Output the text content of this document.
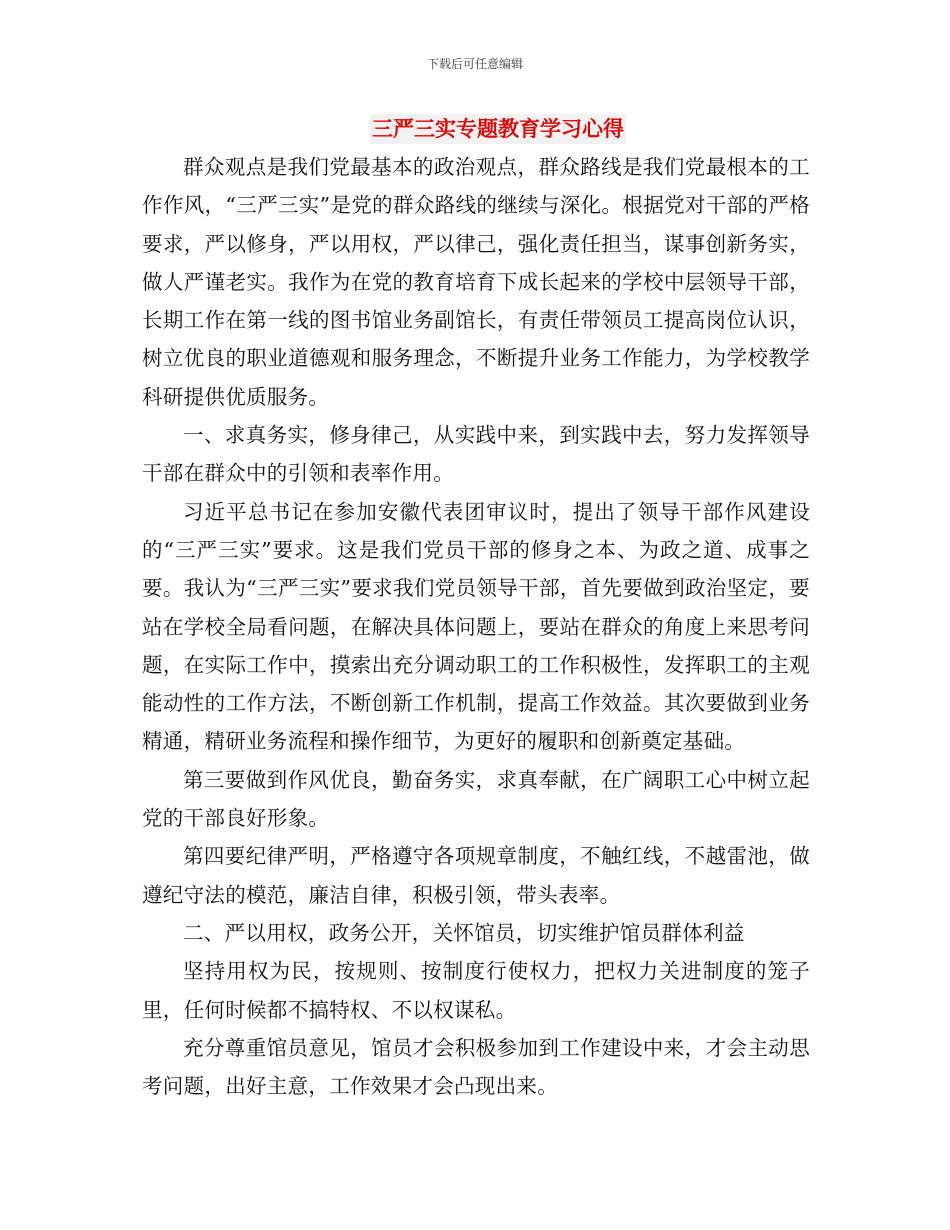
下载后可任意编辑
三严三实专题教育学习心得

群众观点是我们党最基本的政治观点，群众路线是我们党最根本的工作作风，“三严三实”是党的群众路线的继续与深化。根据党对干部的严格要求，严以修身，严以用权，严以律己，强化责任担当，谋事创新务实，做人严谨老实。我作为在党的教育培育下成长起来的学校中层领导干部，长期工作在第一线的图书馆业务副馆长，有责任带领员工提高岗位认识，树立优良的职业道德观和服务理念，不断提升业务工作能力，为学校教学科研提供优质服务。

一、求真务实，修身律己，从实践中来，到实践中去，努力发挥领导干部在群众中的引领和表率作用。

习近平总书记在参加安徽代表团审议时，提出了领导干部作风建设的“三严三实”要求。这是我们党员干部的修身之本、为政之道、成事之要。我认为“三严三实”要求我们党员领导干部，首先要做到政治坚定，要站在学校全局看问题，在解决具体问题上，要站在群众的角度上来思考问题，在实际工作中，摸索出充分调动职工的工作积极性，发挥职工的主观能动性的工作方法，不断创新工作机制，提高工作效益。其次要做到业务精通，精研业务流程和操作细节，为更好的履职和创新奠定基础。

第三要做到作风优良，勤奋务实，求真奉献，在广阔职工心中树立起党的干部良好形象。

第四要纪律严明，严格遵守各项规章制度，不触红线，不越雷池，做遵纪守法的模范，廉洁自律，积极引领，带头表率。

二、严以用权，政务公开，关怀馆员，切实维护馆员群体利益

坚持用权为民，按规则、按制度行使权力，把权力关进制度的笼子里，任何时候都不搞特权、不以权谋私。

充分尊重馆员意见，馆员才会积极参加到工作建设中来，才会主动思考问题，出好主意，工作效果才会凸现出来。
